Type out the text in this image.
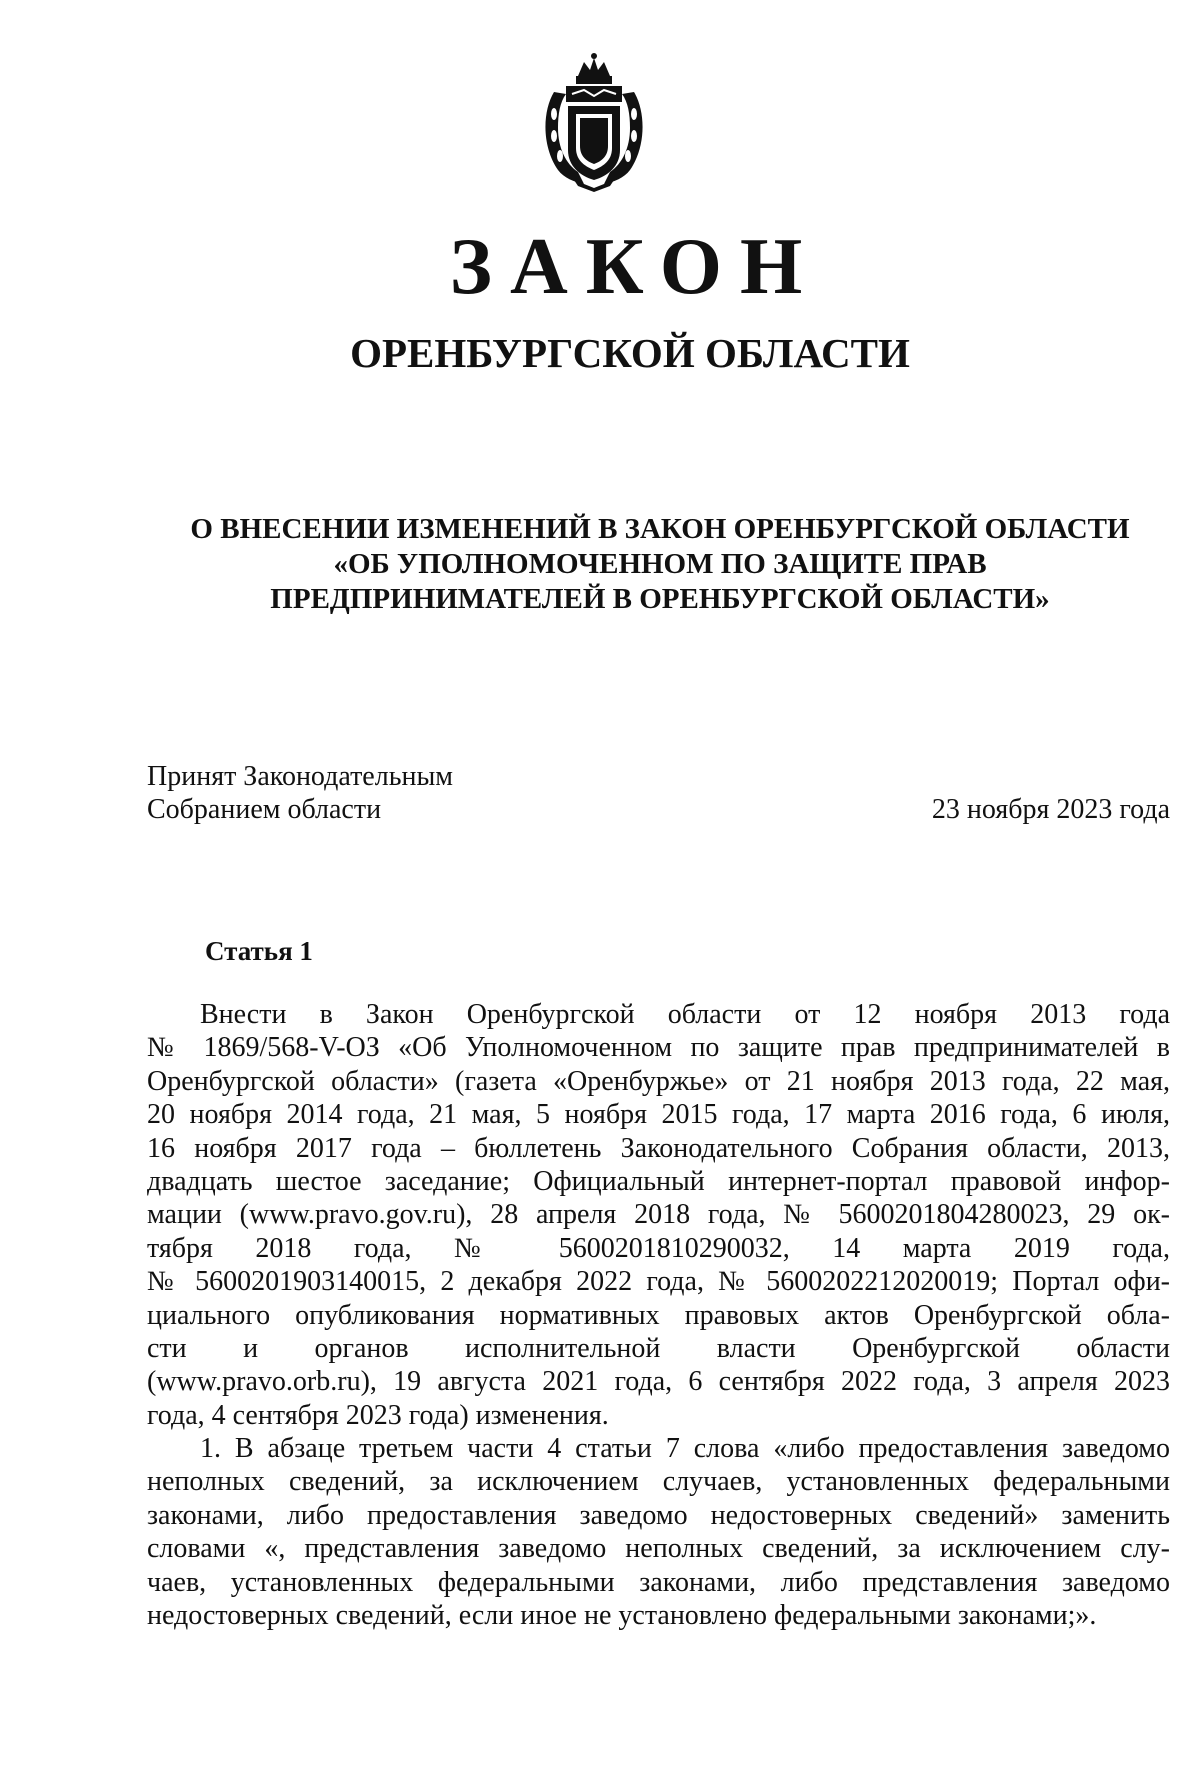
ЗАКОН
ОРЕНБУРГСКОЙ ОБЛАСТИ
О ВНЕСЕНИИ ИЗМЕНЕНИЙ В ЗАКОН ОРЕНБУРГСКОЙ ОБЛАСТИ
«ОБ УПОЛНОМОЧЕННОМ ПО ЗАЩИТЕ ПРАВ
ПРЕДПРИНИМАТЕЛЕЙ В ОРЕНБУРГСКОЙ ОБЛАСТИ»
Принят Законодательным
Собранием области	23 ноября 2023 года
Статья 1
Внести в Закон Оренбургской области от 12 ноября 2013 года
№ 1869/568-V-ОЗ «Об Уполномоченном по защите прав предпринимателей в
Оренбургской области» (газета «Оренбуржье» от 21 ноября 2013 года, 22 мая,
20 ноября 2014 года, 21 мая, 5 ноября 2015 года, 17 марта 2016 года, 6 июля,
16 ноября 2017 года – бюллетень Законодательного Собрания области, 2013,
двадцать шестое заседание; Официальный интернет-портал правовой инфор-
мации (www.pravo.gov.ru), 28 апреля 2018 года, № 5600201804280023, 29 ок-
тября 2018 года, № 5600201810290032, 14 марта 2019 года,
№ 5600201903140015, 2 декабря 2022 года, № 5600202212020019; Портал офи-
циального опубликования нормативных правовых актов Оренбургской обла-
сти и органов исполнительной власти Оренбургской области
(www.pravo.orb.ru), 19 августа 2021 года, 6 сентября 2022 года, 3 апреля 2023
года, 4 сентября 2023 года) изменения.
1. В абзаце третьем части 4 статьи 7 слова «либо предоставления заведомо
неполных сведений, за исключением случаев, установленных федеральными
законами, либо предоставления заведомо недостоверных сведений» заменить
словами «, представления заведомо неполных сведений, за исключением слу-
чаев, установленных федеральными законами, либо представления заведомо
недостоверных сведений, если иное не установлено федеральными законами;».
